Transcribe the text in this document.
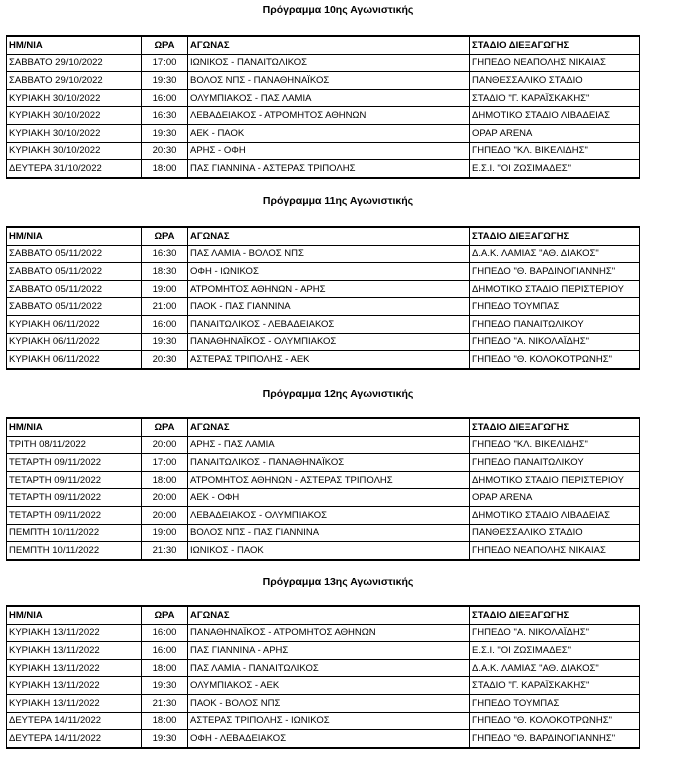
Πρόγραμμα 10ης Αγωνιστικής
ΗΜ/ΝΙΑ	ΩΡΑ	ΑΓΩΝΑΣ	ΣΤΑΔΙΟ ΔΙΕΞΑΓΩΓΗΣ
ΣΑΒΒΑΤΟ 29/10/2022	17:00	ΙΩΝΙΚΟΣ - ΠΑΝΑΙΤΩΛΙΚΟΣ	ΓΗΠΕΔΟ ΝΕΑΠΟΛΗΣ ΝΙΚΑΙΑΣ
ΣΑΒΒΑΤΟ 29/10/2022	19:30	ΒΟΛΟΣ ΝΠΣ - ΠΑΝΑΘΗΝΑΪΚΟΣ	ΠΑΝΘΕΣΣΑΛΙΚΟ ΣΤΑΔΙΟ
ΚΥΡΙΑΚΗ 30/10/2022	16:00	ΟΛΥΜΠΙΑΚΟΣ - ΠΑΣ ΛΑΜΙΑ	ΣΤΑΔΙΟ "Γ. ΚΑΡΑΪΣΚΑΚΗΣ"
ΚΥΡΙΑΚΗ 30/10/2022	16:30	ΛΕΒΑΔΕΙΑΚΟΣ - ΑΤΡΟΜΗΤΟΣ ΑΘΗΝΩΝ	ΔΗΜΟΤΙΚΟ ΣΤΑΔΙΟ ΛΙΒΑΔΕΙΑΣ
ΚΥΡΙΑΚΗ 30/10/2022	19:30	ΑΕΚ - ΠΑΟΚ	OPAP ARENA
ΚΥΡΙΑΚΗ 30/10/2022	20:30	ΑΡΗΣ - ΟΦΗ	ΓΗΠΕΔΟ "ΚΛ. ΒΙΚΕΛΙΔΗΣ"
ΔΕΥΤΕΡΑ 31/10/2022	18:00	ΠΑΣ ΓΙΑΝΝΙΝΑ - ΑΣΤΕΡΑΣ ΤΡΙΠΟΛΗΣ	Ε.Σ.Ι. "ΟΙ ΖΩΣΙΜΑΔΕΣ"
Πρόγραμμα 11ης Αγωνιστικής
ΗΜ/ΝΙΑ	ΩΡΑ	ΑΓΩΝΑΣ	ΣΤΑΔΙΟ ΔΙΕΞΑΓΩΓΗΣ
ΣΑΒΒΑΤΟ 05/11/2022	16:30	ΠΑΣ ΛΑΜΙΑ - ΒΟΛΟΣ ΝΠΣ	Δ.Α.Κ. ΛΑΜΙΑΣ "ΑΘ. ΔΙΑΚΟΣ"
ΣΑΒΒΑΤΟ 05/11/2022	18:30	ΟΦΗ - ΙΩΝΙΚΟΣ	ΓΗΠΕΔΟ "Θ. ΒΑΡΔΙΝΟΓΙΑΝΝΗΣ"
ΣΑΒΒΑΤΟ 05/11/2022	19:00	ΑΤΡΟΜΗΤΟΣ ΑΘΗΝΩΝ - ΑΡΗΣ	ΔΗΜΟΤΙΚΟ ΣΤΑΔΙΟ ΠΕΡΙΣΤΕΡΙΟΥ
ΣΑΒΒΑΤΟ 05/11/2022	21:00	ΠΑΟΚ - ΠΑΣ ΓΙΑΝΝΙΝΑ	ΓΗΠΕΔΟ ΤΟΥΜΠΑΣ
ΚΥΡΙΑΚΗ 06/11/2022	16:00	ΠΑΝΑΙΤΩΛΙΚΟΣ - ΛΕΒΑΔΕΙΑΚΟΣ	ΓΗΠΕΔΟ ΠΑΝΑΙΤΩΛΙΚΟΥ
ΚΥΡΙΑΚΗ 06/11/2022	19:30	ΠΑΝΑΘΗΝΑΪΚΟΣ - ΟΛΥΜΠΙΑΚΟΣ	ΓΗΠΕΔΟ "Α. ΝΙΚΟΛΑΪΔΗΣ"
ΚΥΡΙΑΚΗ 06/11/2022	20:30	ΑΣΤΕΡΑΣ ΤΡΙΠΟΛΗΣ - ΑΕΚ	ΓΗΠΕΔΟ "Θ. ΚΟΛΟΚΟΤΡΩΝΗΣ"
Πρόγραμμα 12ης Αγωνιστικής
ΗΜ/ΝΙΑ	ΩΡΑ	ΑΓΩΝΑΣ	ΣΤΑΔΙΟ ΔΙΕΞΑΓΩΓΗΣ
ΤΡΙΤΗ 08/11/2022	20:00	ΑΡΗΣ - ΠΑΣ ΛΑΜΙΑ	ΓΗΠΕΔΟ "ΚΛ. ΒΙΚΕΛΙΔΗΣ"
ΤΕΤΑΡΤΗ 09/11/2022	17:00	ΠΑΝΑΙΤΩΛΙΚΟΣ - ΠΑΝΑΘΗΝΑΪΚΟΣ	ΓΗΠΕΔΟ ΠΑΝΑΙΤΩΛΙΚΟΥ
ΤΕΤΑΡΤΗ 09/11/2022	18:00	ΑΤΡΟΜΗΤΟΣ ΑΘΗΝΩΝ - ΑΣΤΕΡΑΣ ΤΡΙΠΟΛΗΣ	ΔΗΜΟΤΙΚΟ ΣΤΑΔΙΟ ΠΕΡΙΣΤΕΡΙΟΥ
ΤΕΤΑΡΤΗ 09/11/2022	20:00	ΑΕΚ - ΟΦΗ	OPAP ARENA
ΤΕΤΑΡΤΗ 09/11/2022	20:00	ΛΕΒΑΔΕΙΑΚΟΣ - ΟΛΥΜΠΙΑΚΟΣ	ΔΗΜΟΤΙΚΟ ΣΤΑΔΙΟ ΛΙΒΑΔΕΙΑΣ
ΠΕΜΠΤΗ 10/11/2022	19:00	ΒΟΛΟΣ ΝΠΣ - ΠΑΣ ΓΙΑΝΝΙΝΑ	ΠΑΝΘΕΣΣΑΛΙΚΟ ΣΤΑΔΙΟ
ΠΕΜΠΤΗ 10/11/2022	21:30	ΙΩΝΙΚΟΣ - ΠΑΟΚ	ΓΗΠΕΔΟ ΝΕΑΠΟΛΗΣ ΝΙΚΑΙΑΣ
Πρόγραμμα 13ης Αγωνιστικής
ΗΜ/ΝΙΑ	ΩΡΑ	ΑΓΩΝΑΣ	ΣΤΑΔΙΟ ΔΙΕΞΑΓΩΓΗΣ
ΚΥΡΙΑΚΗ 13/11/2022	16:00	ΠΑΝΑΘΗΝΑΪΚΟΣ - ΑΤΡΟΜΗΤΟΣ ΑΘΗΝΩΝ	ΓΗΠΕΔΟ "Α. ΝΙΚΟΛΑΪΔΗΣ"
ΚΥΡΙΑΚΗ 13/11/2022	16:00	ΠΑΣ ΓΙΑΝΝΙΝΑ - ΑΡΗΣ	Ε.Σ.Ι. "ΟΙ ΖΩΣΙΜΑΔΕΣ"
ΚΥΡΙΑΚΗ 13/11/2022	18:00	ΠΑΣ ΛΑΜΙΑ - ΠΑΝΑΙΤΩΛΙΚΟΣ	Δ.Α.Κ. ΛΑΜΙΑΣ "ΑΘ. ΔΙΑΚΟΣ"
ΚΥΡΙΑΚΗ 13/11/2022	19:30	ΟΛΥΜΠΙΑΚΟΣ - ΑΕΚ	ΣΤΑΔΙΟ "Γ. ΚΑΡΑΪΣΚΑΚΗΣ"
ΚΥΡΙΑΚΗ 13/11/2022	21:30	ΠΑΟΚ - ΒΟΛΟΣ ΝΠΣ	ΓΗΠΕΔΟ ΤΟΥΜΠΑΣ
ΔΕΥΤΕΡΑ 14/11/2022	18:00	ΑΣΤΕΡΑΣ ΤΡΙΠΟΛΗΣ - ΙΩΝΙΚΟΣ	ΓΗΠΕΔΟ "Θ. ΚΟΛΟΚΟΤΡΩΝΗΣ"
ΔΕΥΤΕΡΑ 14/11/2022	19:30	ΟΦΗ - ΛΕΒΑΔΕΙΑΚΟΣ	ΓΗΠΕΔΟ "Θ. ΒΑΡΔΙΝΟΓΙΑΝΝΗΣ"
